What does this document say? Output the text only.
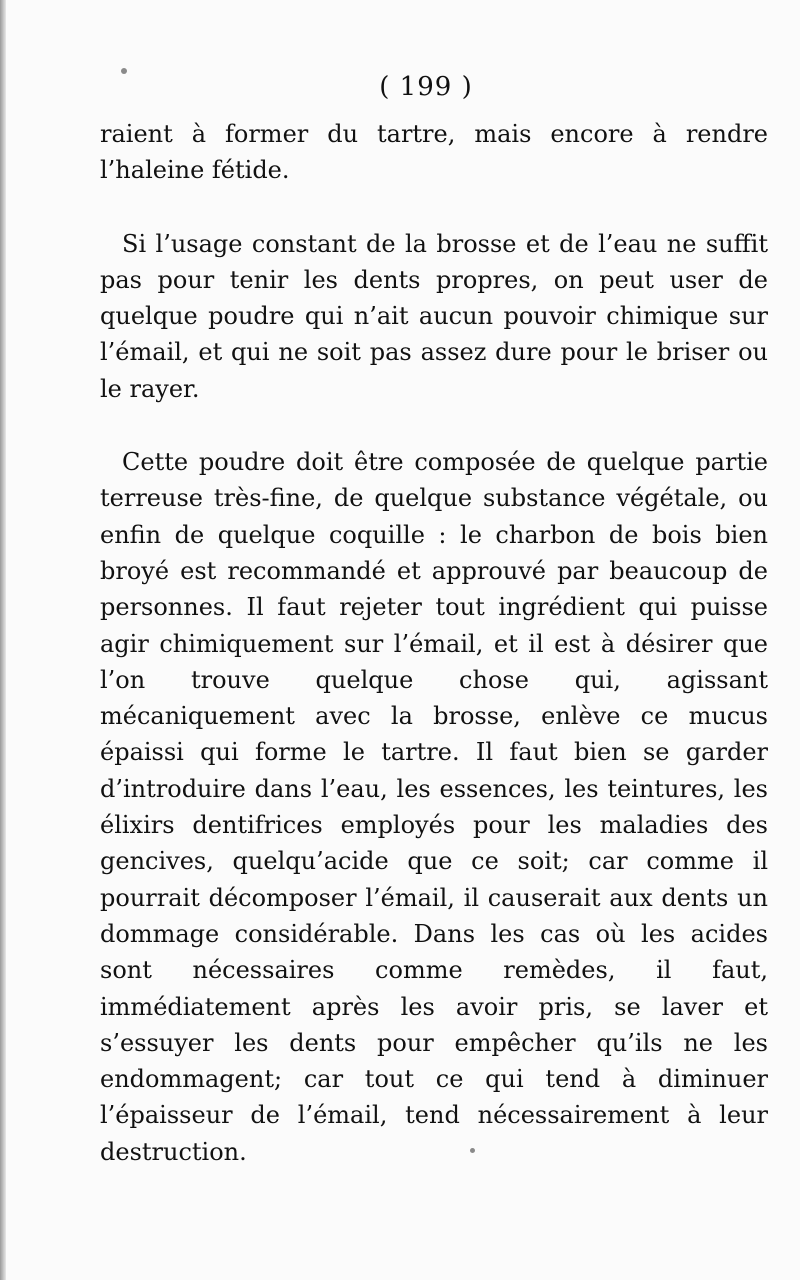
( 199 )

raient à former du tartre, mais encore à rendre l’haleine fétide.

Si l’usage constant de la brosse et de l’eau ne suffit pas pour tenir les dents propres, on peut user de quelque poudre qui n’ait aucun pouvoir chimique sur l’émail, et qui ne soit pas assez dure pour le briser ou le rayer.

Cette poudre doit être composée de quelque partie terreuse très-fine, de quelque substance végétale, ou enfin de quelque coquille : le charbon de bois bien broyé est recommandé et approuvé par beaucoup de personnes. Il faut rejeter tout ingrédient qui puisse agir chimiquement sur l’émail, et il est à désirer que l’on trouve quelque chose qui, agissant mécaniquement avec la brosse, enlève ce mucus épaissi qui forme le tartre. Il faut bien se garder d’introduire dans l’eau, les essences, les teintures, les élixirs dentifrices employés pour les maladies des gencives, quelqu’acide que ce soit; car comme il pourrait décomposer l’émail, il causerait aux dents un dommage considérable. Dans les cas où les acides sont nécessaires comme remèdes, il faut, immédiatement après les avoir pris, se laver et s’essuyer les dents pour empêcher qu’ils ne les endommagent; car tout ce qui tend à diminuer l’épaisseur de l’émail, tend nécessairement à leur destruction.
